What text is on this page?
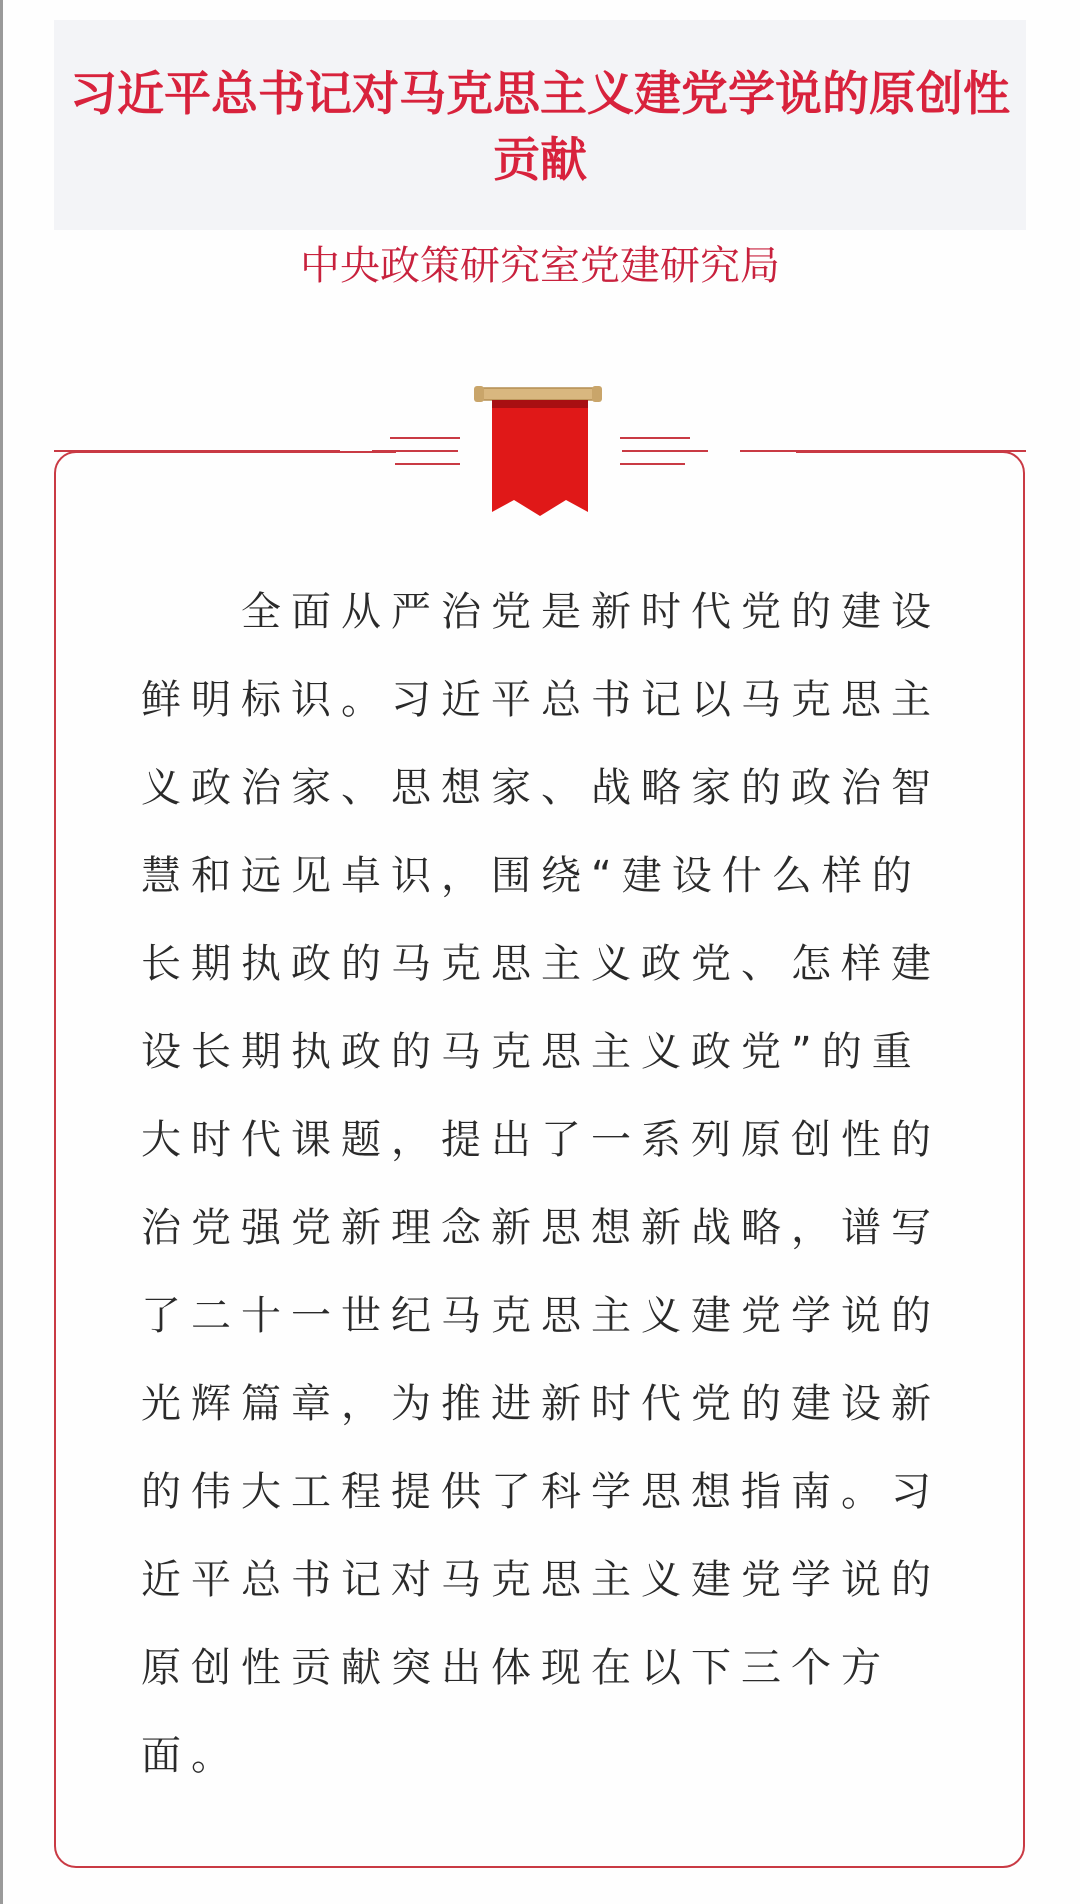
习近平总书记对马克思主义建党学说的原创性贡献
中央政策研究室党建研究局

全面从严治党是新时代党的建设鲜明标识。习近平总书记以马克思主义政治家、思想家、战略家的政治智慧和远见卓识，围绕“建设什么样的长期执政的马克思主义政党、怎样建设长期执政的马克思主义政党”的重大时代课题，提出了一系列原创性的治党强党新理念新思想新战略，谱写了二十一世纪马克思主义建党学说的光辉篇章，为推进新时代党的建设新的伟大工程提供了科学思想指南。习近平总书记对马克思主义建党学说的原创性贡献突出体现在以下三个方面。
